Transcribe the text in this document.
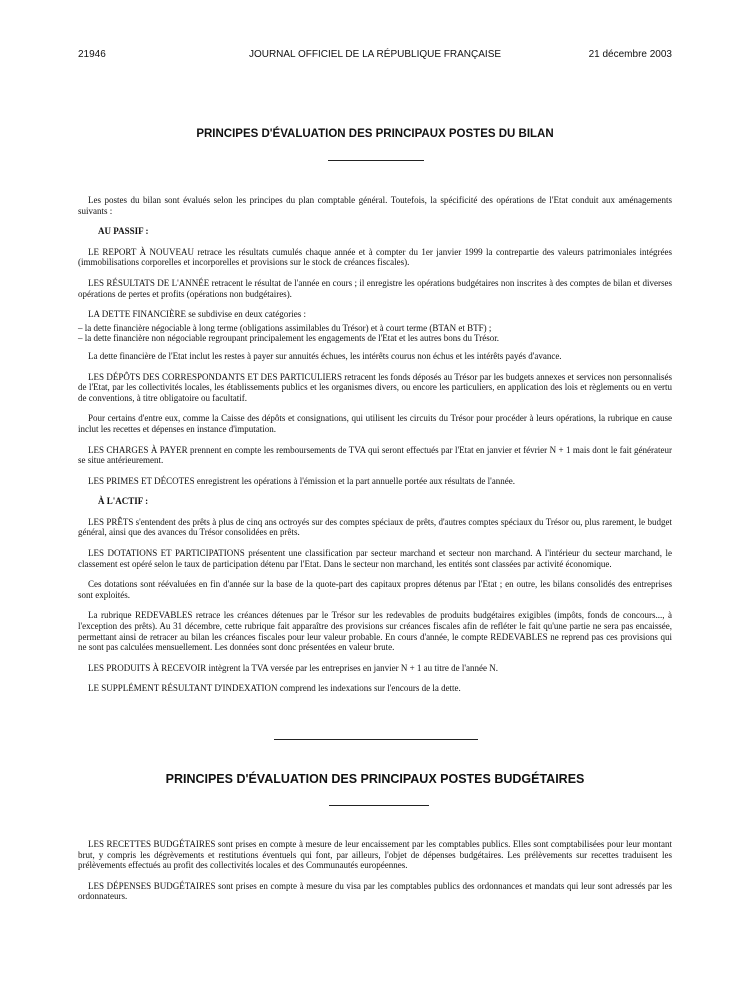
21946	JOURNAL OFFICIEL DE LA RÉPUBLIQUE FRANÇAISE	21 décembre 2003
PRINCIPES D'ÉVALUATION DES PRINCIPAUX POSTES DU BILAN

Les postes du bilan sont évalués selon les principes du plan comptable général. Toutefois, la spécificité des opérations de l'Etat conduit aux aménagements suivants :

AU PASSIF :

LE REPORT À NOUVEAU retrace les résultats cumulés chaque année et à compter du 1er janvier 1999 la contrepartie des valeurs patrimoniales intégrées (immobilisations corporelles et incorporelles et provisions sur le stock de créances fiscales).

LES RÉSULTATS DE L'ANNÉE retracent le résultat de l'année en cours ; il enregistre les opérations budgétaires non inscrites à des comptes de bilan et diverses opérations de pertes et profits (opérations non budgétaires).

LA DETTE FINANCIÈRE se subdivise en deux catégories :

– la dette financière négociable à long terme (obligations assimilables du Trésor) et à court terme (BTAN et BTF) ;
– la dette financière non négociable regroupant principalement les engagements de l'Etat et les autres bons du Trésor.

La dette financière de l'Etat inclut les restes à payer sur annuités échues, les intérêts courus non échus et les intérêts payés d'avance.

LES DÉPÔTS DES CORRESPONDANTS ET DES PARTICULIERS retracent les fonds déposés au Trésor par les budgets annexes et services non personnalisés de l'Etat, par les collectivités locales, les établissements publics et les organismes divers, ou encore les particuliers, en application des lois et règlements ou en vertu de conventions, à titre obligatoire ou facultatif.

Pour certains d'entre eux, comme la Caisse des dépôts et consignations, qui utilisent les circuits du Trésor pour procéder à leurs opérations, la rubrique en cause inclut les recettes et dépenses en instance d'imputation.

LES CHARGES À PAYER prennent en compte les remboursements de TVA qui seront effectués par l'Etat en janvier et février N + 1 mais dont le fait générateur se situe antérieurement.

LES PRIMES ET DÉCOTES enregistrent les opérations à l'émission et la part annuelle portée aux résultats de l'année.

À L'ACTIF :

LES PRÊTS s'entendent des prêts à plus de cinq ans octroyés sur des comptes spéciaux de prêts, d'autres comptes spéciaux du Trésor ou, plus rarement, le budget général, ainsi que des avances du Trésor consolidées en prêts.

LES DOTATIONS ET PARTICIPATIONS présentent une classification par secteur marchand et secteur non marchand. A l'intérieur du secteur marchand, le classement est opéré selon le taux de participation détenu par l'Etat. Dans le secteur non marchand, les entités sont classées par activité économique.

Ces dotations sont réévaluées en fin d'année sur la base de la quote-part des capitaux propres détenus par l'Etat ; en outre, les bilans consolidés des entreprises sont exploités.

La rubrique REDEVABLES retrace les créances détenues par le Trésor sur les redevables de produits budgétaires exigibles (impôts, fonds de concours..., à l'exception des prêts). Au 31 décembre, cette rubrique fait apparaître des provisions sur créances fiscales afin de refléter le fait qu'une partie ne sera pas encaissée, permettant ainsi de retracer au bilan les créances fiscales pour leur valeur probable. En cours d'année, le compte REDEVABLES ne reprend pas ces provisions qui ne sont pas calculées mensuellement. Les données sont donc présentées en valeur brute.

LES PRODUITS À RECEVOIR intègrent la TVA versée par les entreprises en janvier N + 1 au titre de l'année N.

LE SUPPLÉMENT RÉSULTANT D'INDEXATION comprend les indexations sur l'encours de la dette.

PRINCIPES D'ÉVALUATION DES PRINCIPAUX POSTES BUDGÉTAIRES

LES RECETTES BUDGÉTAIRES sont prises en compte à mesure de leur encaissement par les comptables publics. Elles sont comptabilisées pour leur montant brut, y compris les dégrèvements et restitutions éventuels qui font, par ailleurs, l'objet de dépenses budgétaires. Les prélèvements sur recettes traduisent les prélèvements effectués au profit des collectivités locales et des Communautés européennes.

LES DÉPENSES BUDGÉTAIRES sont prises en compte à mesure du visa par les comptables publics des ordonnances et mandats qui leur sont adressés par les ordonnateurs.
